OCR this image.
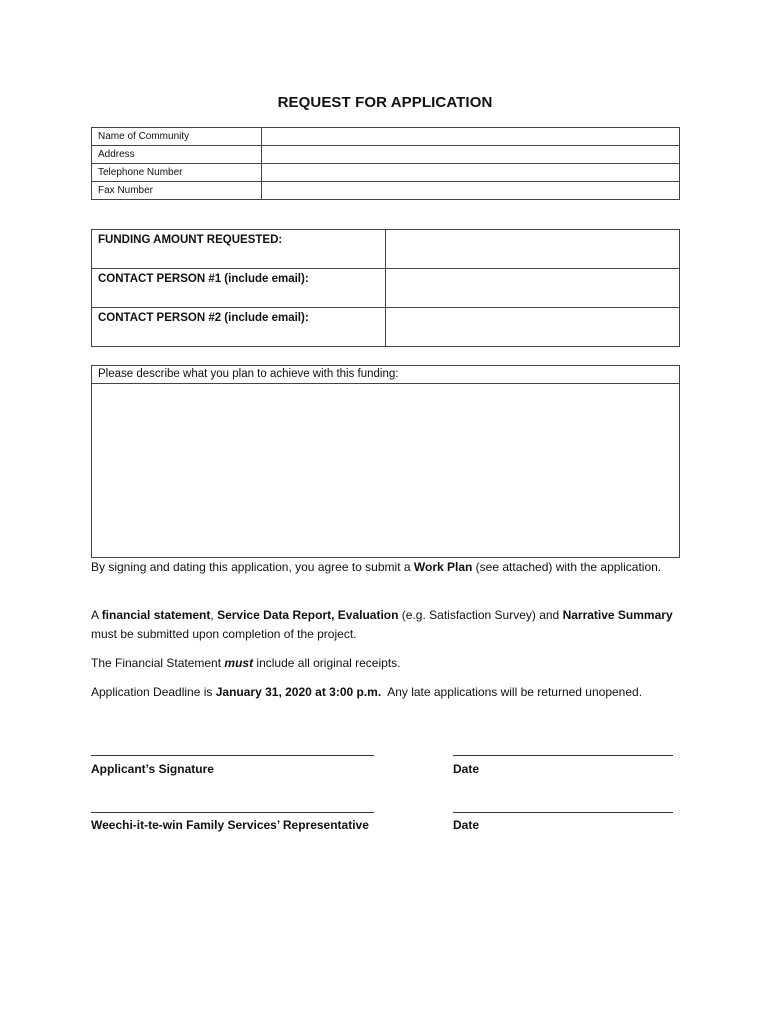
REQUEST FOR APPLICATION
Name of Community	
Address	
Telephone Number	
Fax Number	
FUNDING AMOUNT REQUESTED:	
CONTACT PERSON #1 (include email):	
CONTACT PERSON #2 (include email):	
Please describe what you plan to achieve with this funding:

By signing and dating this application, you agree to submit a Work Plan (see attached) with the application.

A financial statement, Service Data Report, Evaluation (e.g. Satisfaction Survey) and Narrative Summary must be submitted upon completion of the project.

The Financial Statement must include all original receipts.

Application Deadline is January 31, 2020 at 3:00 p.m.  Any late applications will be returned unopened.

Applicant’s Signature	Date
Weechi-it-te-win Family Services’ Representative	Date
